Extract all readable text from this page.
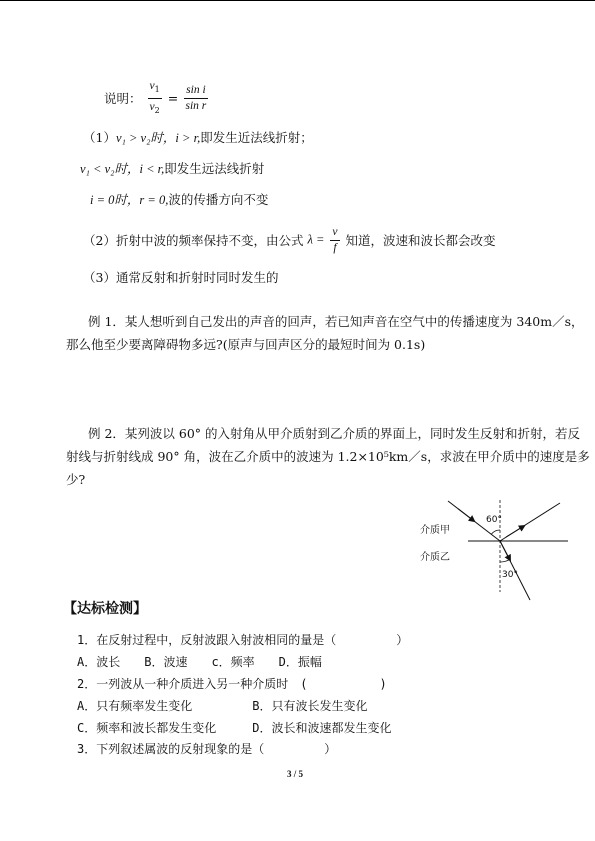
说明： $\frac{v_1}{v_2} = \frac{\text{sin i}}{\text{sin r}}$
（1）v₁ > v₂时，i > r,即发生近法线折射；
v₁ < v₂时，i < r,即发生远法线折射
i = 0时，r = 0,波的传播方向不变
（2）折射中波的频率保持不变，由公式 $\lambda = \frac{v}{f}$ 知道，波速和波长都会改变
（3）通常反射和折射时同时发生的
例 1．某人想听到自己发出的声音的回声，若已知声音在空气中的传播速度为 340m／s，
那么他至少要离障碍物多远?(原声与回声区分的最短时间为 0.1s)
例 2．某列波以 60° 的入射角从甲介质射到乙介质的界面上，同时发生反射和折射，若反
射线与折射线成 90° 角，波在乙介质中的波速为 1.2×10⁵km／s，求波在甲介质中的速度是多
少?
60°
30°
介质甲
介质乙
【达标检测】
1．在反射过程中，反射波跟入射波相同的量是（　　　　　）
A．波长　　B．波速　　c．频率　　D．振幅
2．一列波从一种介质进入另一种介质时　(　　　　　　)
A．只有频率发生变化　　　　　B．只有波长发生变化
C．频率和波长都发生变化　　　D．波长和波速都发生变化
3．下列叙述属波的反射现象的是（　　　　　）
3 / 5
